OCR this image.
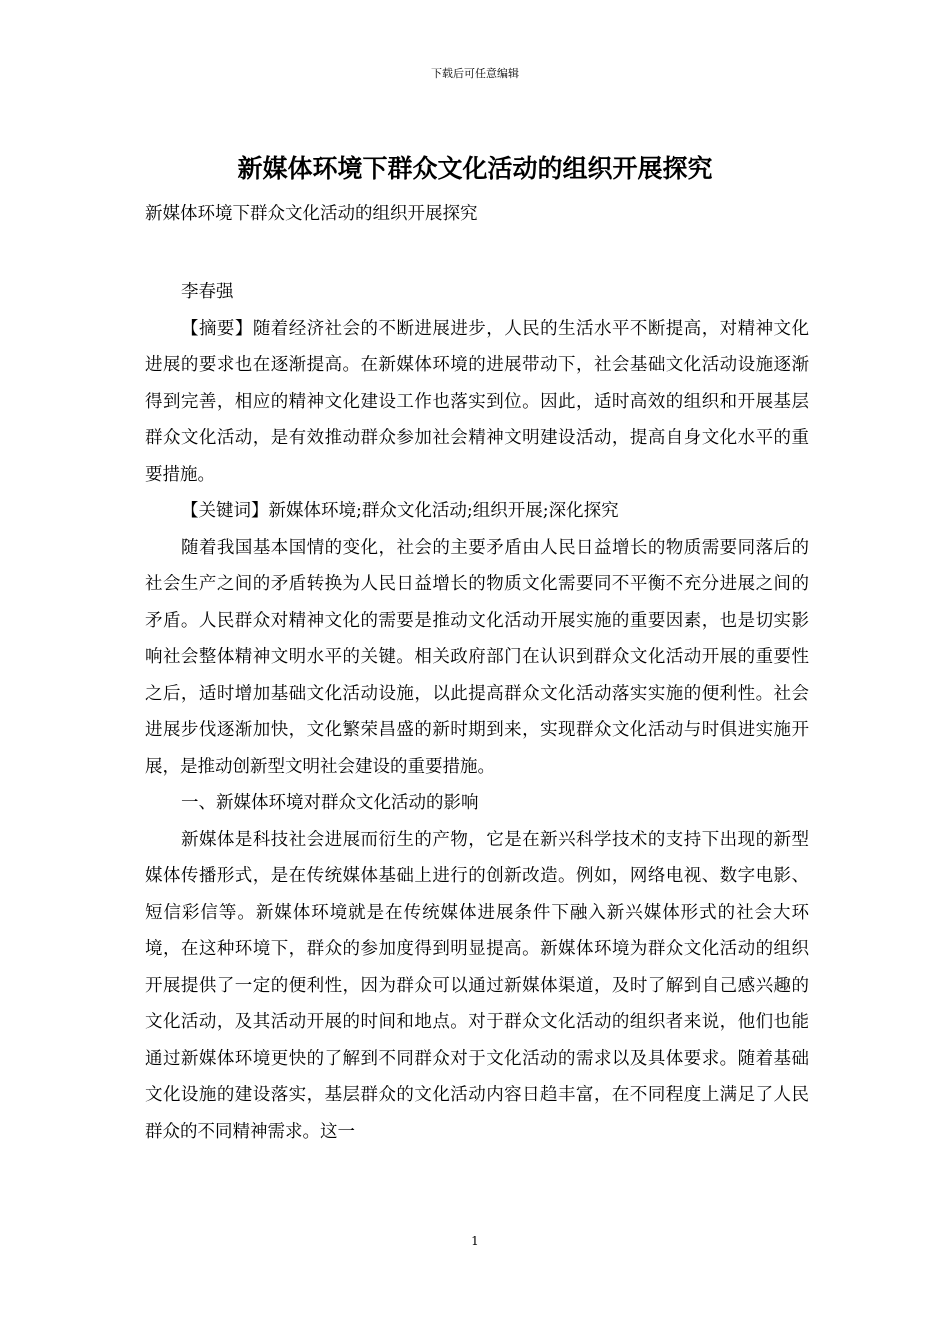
下载后可任意编辑
新媒体环境下群众文化活动的组织开展探究
新媒体环境下群众文化活动的组织开展探究

李春强

【摘要】随着经济社会的不断进展进步，人民的生活水平不断提高，对精神文化进展的要求也在逐渐提高。在新媒体环境的进展带动下，社会基础文化活动设施逐渐得到完善，相应的精神文化建设工作也落实到位。因此，适时高效的组织和开展基层群众文化活动，是有效推动群众参加社会精神文明建设活动，提高自身文化水平的重要措施。

【关键词】新媒体环境;群众文化活动;组织开展;深化探究

随着我国基本国情的变化，社会的主要矛盾由人民日益增长的物质需要同落后的社会生产之间的矛盾转换为人民日益增长的物质文化需要同不平衡不充分进展之间的矛盾。人民群众对精神文化的需要是推动文化活动开展实施的重要因素，也是切实影响社会整体精神文明水平的关键。相关政府部门在认识到群众文化活动开展的重要性之后，适时增加基础文化活动设施，以此提高群众文化活动落实实施的便利性。社会进展步伐逐渐加快，文化繁荣昌盛的新时期到来，实现群众文化活动与时俱进实施开展，是推动创新型文明社会建设的重要措施。

一、新媒体环境对群众文化活动的影响

新媒体是科技社会进展而衍生的产物，它是在新兴科学技术的支持下出现的新型媒体传播形式，是在传统媒体基础上进行的创新改造。例如，网络电视、数字电影、短信彩信等。新媒体环境就是在传统媒体进展条件下融入新兴媒体形式的社会大环境，在这种环境下，群众的参加度得到明显提高。新媒体环境为群众文化活动的组织开展提供了一定的便利性，因为群众可以通过新媒体渠道，及时了解到自己感兴趣的文化活动，及其活动开展的时间和地点。对于群众文化活动的组织者来说，他们也能通过新媒体环境更快的了解到不同群众对于文化活动的需求以及具体要求。随着基础文化设施的建设落实，基层群众的文化活动内容日趋丰富，在不同程度上满足了人民群众的不同精神需求。这一

1
